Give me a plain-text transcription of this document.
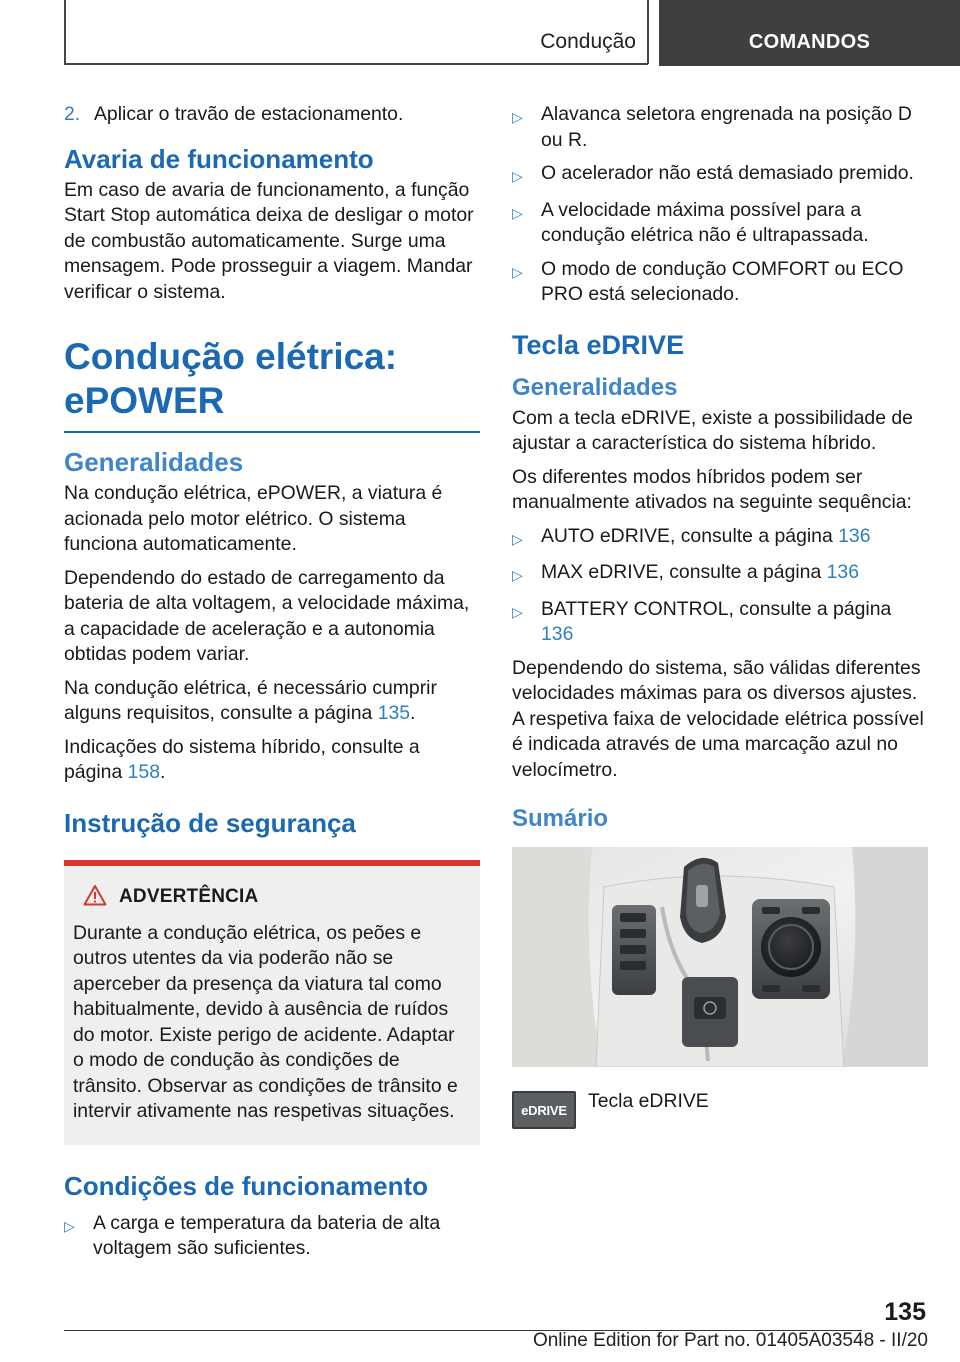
Condução	COMANDOS
2. Aplicar o travão de estacionamento.
Avaria de funcionamento

Em caso de avaria de funcionamento, a função Start Stop automática deixa de desligar o motor de combustão automaticamente. Surge uma mensagem. Pode prosseguir a viagem. Mandar verificar o sistema.

Condução elétrica: ePOWER
Generalidades

Na condução elétrica, ePOWER, a viatura é acionada pelo motor elétrico. O sistema funciona automaticamente.

Dependendo do estado de carregamento da bateria de alta voltagem, a velocidade máxima, a capacidade de aceleração e a autonomia obtidas podem variar.

Na condução elétrica, é necessário cumprir alguns requisitos, consulte a página 135.

Indicações do sistema híbrido, consulte a página 158.

Instrução de segurança
ADVERTÊNCIA

Durante a condução elétrica, os peões e outros utentes da via poderão não se aperceber da presença da viatura tal como habitualmente, devido à ausência de ruídos do motor. Existe perigo de acidente. Adaptar o modo de condução às condições de trânsito. Observar as condições de trânsito e intervir ativamente nas respetivas situações.

Condições de funcionamento
▷ A carga e temperatura da bateria de alta voltagem são suficientes.
▷ Alavanca seletora engrenada na posição D ou R.
▷ O acelerador não está demasiado premido.
▷ A velocidade máxima possível para a condução elétrica não é ultrapassada.
▷ O modo de condução COMFORT ou ECO PRO está selecionado.
Tecla eDRIVE
Generalidades

Com a tecla eDRIVE, existe a possibilidade de ajustar a característica do sistema híbrido.

Os diferentes modos híbridos podem ser manualmente ativados na seguinte sequência:

▷ AUTO eDRIVE, consulte a página 136
▷ MAX eDRIVE, consulte a página 136
▷ BATTERY CONTROL, consulte a página 136

Dependendo do sistema, são válidas diferentes velocidades máximas para os diversos ajustes. A respetiva faixa de velocidade elétrica possível é indicada através de uma marcação azul no velocímetro.

Sumário
eDRIVE	Tecla eDRIVE
135
Online Edition for Part no. 01405A03548 - II/20
